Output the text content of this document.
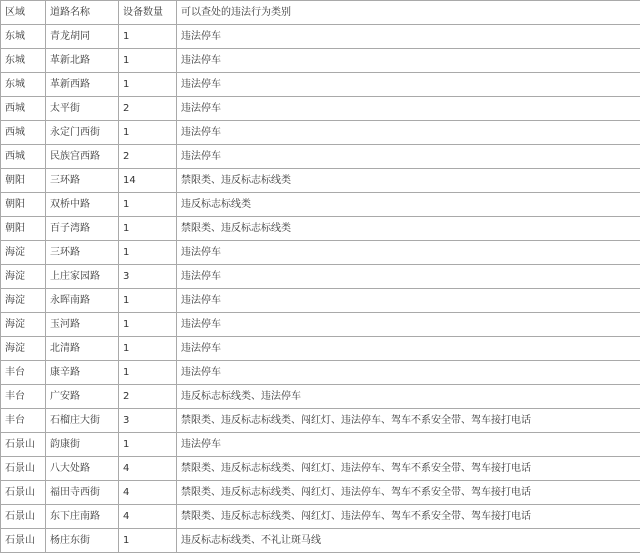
区域	道路名称	设备数量	可以查处的违法行为类别
东城	青龙胡同	1	违法停车
东城	革新北路	1	违法停车
东城	革新西路	1	违法停车
西城	太平街	2	违法停车
西城	永定门西街	1	违法停车
西城	民族宫西路	2	违法停车
朝阳	三环路	14	禁限类、违反标志标线类
朝阳	双桥中路	1	违反标志标线类
朝阳	百子湾路	1	禁限类、违反标志标线类
海淀	三环路	1	违法停车
海淀	上庄家园路	3	违法停车
海淀	永晖南路	1	违法停车
海淀	玉河路	1	违法停车
海淀	北清路	1	违法停车
丰台	康辛路	1	违法停车
丰台	广安路	2	违反标志标线类、违法停车
丰台	石榴庄大街	3	禁限类、违反标志标线类、闯红灯、违法停车、驾车不系安全带、驾车接打电话
石景山	韵康街	1	违法停车
石景山	八大处路	4	禁限类、违反标志标线类、闯红灯、违法停车、驾车不系安全带、驾车接打电话
石景山	福田寺西街	4	禁限类、违反标志标线类、闯红灯、违法停车、驾车不系安全带、驾车接打电话
石景山	东下庄南路	4	禁限类、违反标志标线类、闯红灯、违法停车、驾车不系安全带、驾车接打电话
石景山	杨庄东街	1	违反标志标线类、不礼让斑马线
